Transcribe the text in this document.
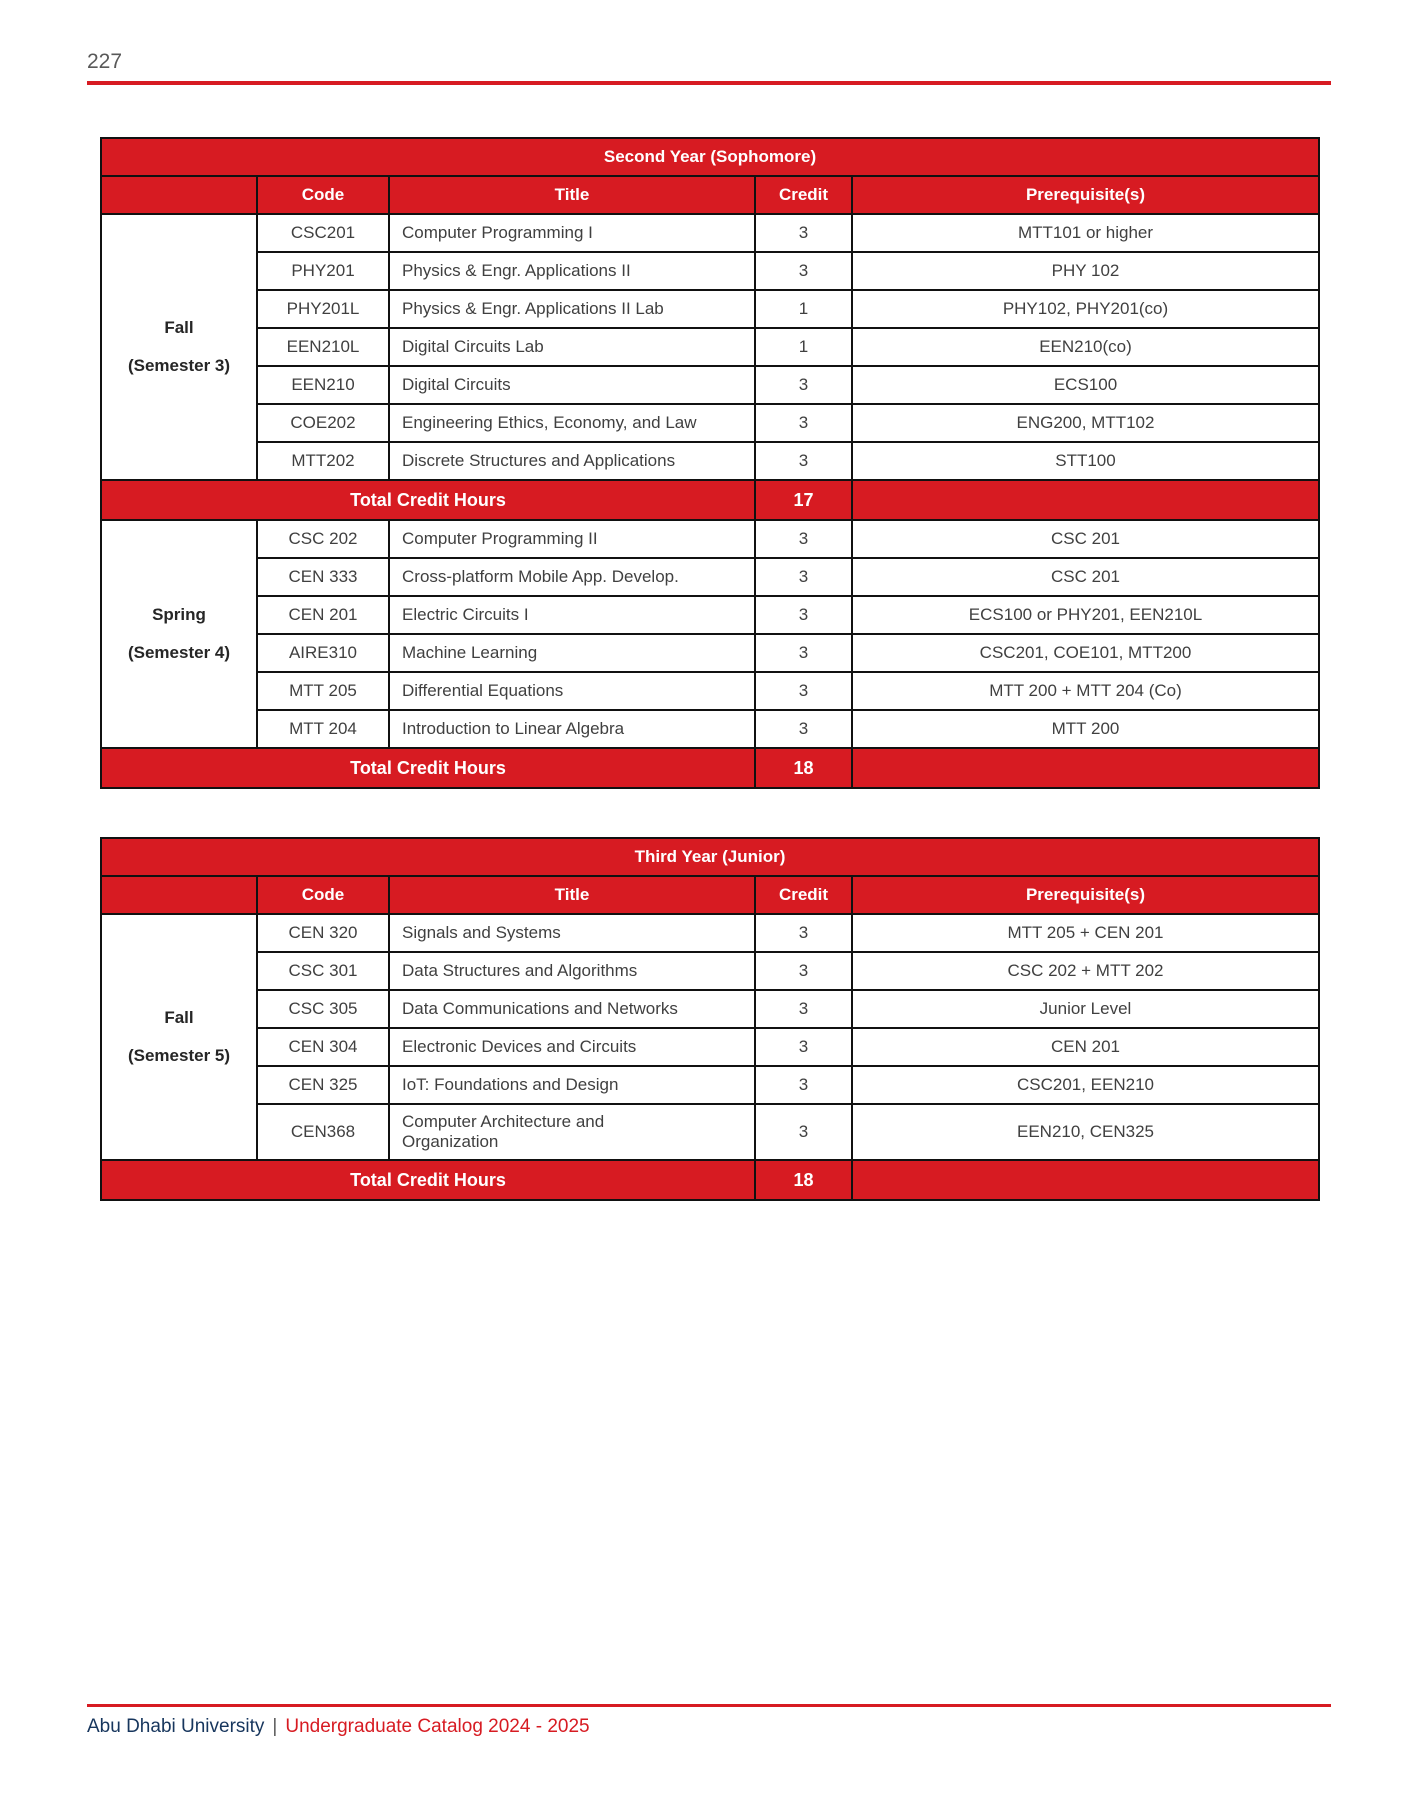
227
Second Year (Sophomore)				
	Code	Title	Credit	Prerequisite(s)

Fall
(Semester 3)	CSC201	Computer Programming I	3	MTT101 or higher
	PHY201	Physics & Engr. Applications II	3	PHY 102
	PHY201L	Physics & Engr. Applications II Lab	1	PHY102, PHY201(co)
	EEN210L	Digital Circuits Lab	1	EEN210(co)
	EEN210	Digital Circuits	3	ECS100
	COE202	Engineering Ethics, Economy, and Law	3	ENG200, MTT102
	MTT202	Discrete Structures and Applications	3	STT100
Total Credit Hours			17	

Spring
(Semester 4)	CSC 202	Computer Programming II	3	CSC 201
	CEN 333	Cross-platform Mobile App. Develop.	3	CSC 201
	CEN 201	Electric Circuits I	3	ECS100 or PHY201, EEN210L
	AIRE310	Machine Learning	3	CSC201, COE101, MTT200
	MTT 205	Differential Equations	3	MTT 200 + MTT 204 (Co)
	MTT 204	Introduction to Linear Algebra	3	MTT 200
Total Credit Hours			18	
Third Year (Junior)				
	Code	Title	Credit	Prerequisite(s)

Fall
(Semester 5)	CEN 320	Signals and Systems	3	MTT 205 + CEN 201
	CSC 301	Data Structures and Algorithms	3	CSC 202 + MTT 202
	CSC 305	Data Communications and Networks	3	Junior Level
	CEN 304	Electronic Devices and Circuits	3	CEN 201
	CEN 325	IoT: Foundations and Design	3	CSC201, EEN210
	CEN368	Computer Architecture and Organization	3	EEN210, CEN325
Total Credit Hours			18	
Abu Dhabi University | Undergraduate Catalog 2024 - 2025
